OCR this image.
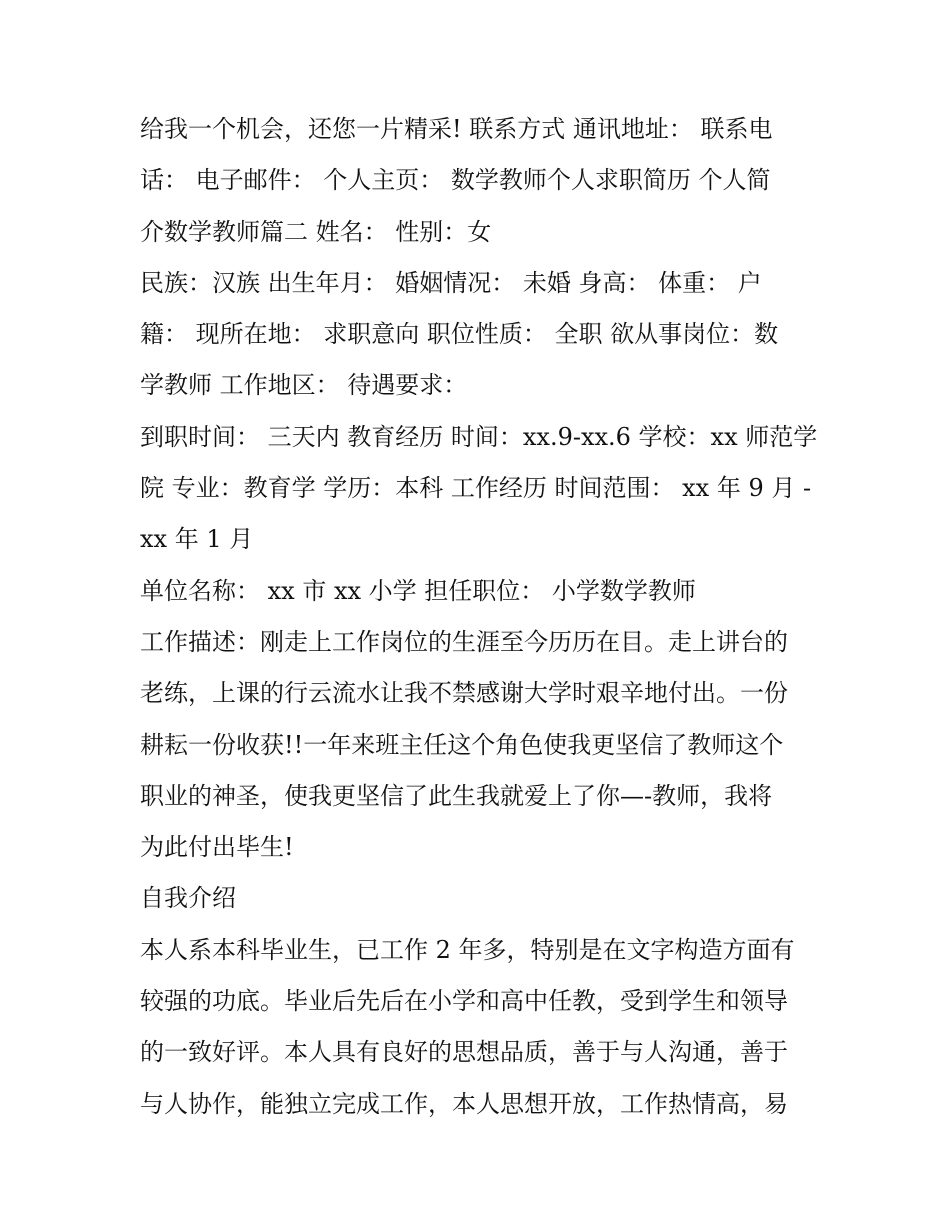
给我一个机会，还您一片精采! 联系方式 通讯地址： 联系电
话： 电子邮件： 个人主页： 数学教师个人求职简历 个人简
介数学教师篇二 姓名： 性别：女
民族：汉族 出生年月： 婚姻情况： 未婚 身高： 体重： 户
籍： 现所在地： 求职意向 职位性质： 全职 欲从事岗位：数
学教师 工作地区： 待遇要求：
到职时间： 三天内 教育经历 时间：xx.9-xx.6 学校：xx 师范学
院 专业：教育学 学历：本科 工作经历 时间范围： xx 年 9 月 -
xx 年 1 月
单位名称： xx 市 xx 小学 担任职位： 小学数学教师
工作描述：刚走上工作岗位的生涯至今历历在目。走上讲台的
老练，上课的行云流水让我不禁感谢大学时艰辛地付出。一份
耕耘一份收获!!一年来班主任这个角色使我更坚信了教师这个
职业的神圣，使我更坚信了此生我就爱上了你—-教师，我将
为此付出毕生!
自我介绍
本人系本科毕业生，已工作 2 年多，特别是在文字构造方面有
较强的功底。毕业后先后在小学和高中任教，受到学生和领导
的一致好评。本人具有良好的思想品质，善于与人沟通，善于
与人协作，能独立完成工作，本人思想开放，工作热情高，易
